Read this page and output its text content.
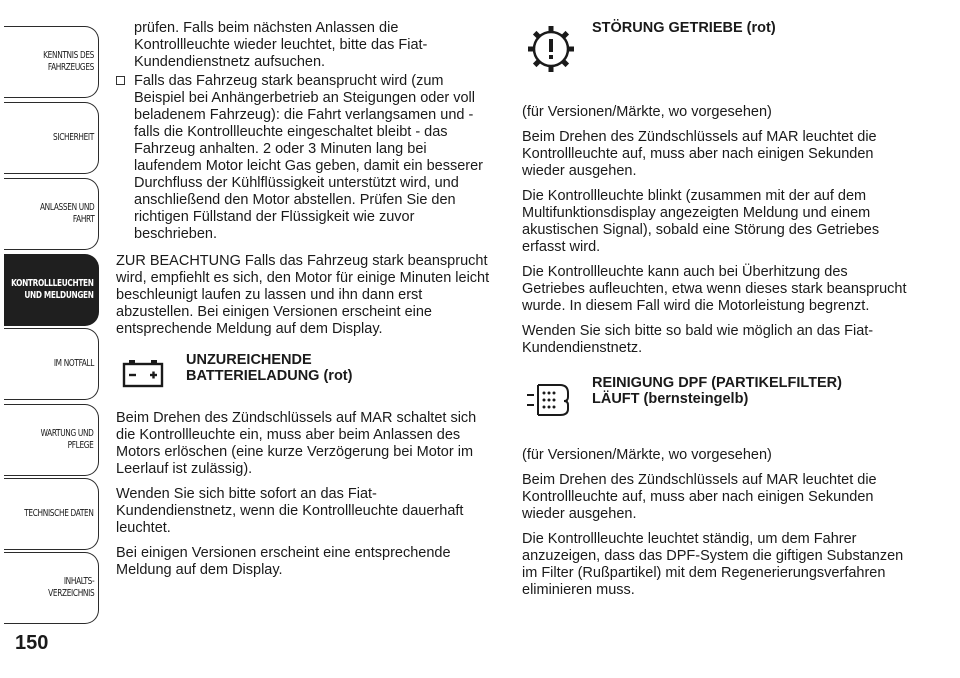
KENNTNIS DES
FAHRZEUGES
SICHERHEIT
ANLASSEN UND
FAHRT
KONTROLLLEUCHTEN
UND MELDUNGEN
IM NOTFALL
WARTUNG UND
PFLEGE
TECHNISCHE DATEN
INHALTS-
VERZEICHNIS
150

prüfen. Falls beim nächsten Anlassen die Kontrollleuchte wieder leuchtet, bitte das Fiat-Kundendienstnetz aufsuchen.

Falls das Fahrzeug stark beansprucht wird (zum Beispiel bei Anhängerbetrieb an Steigungen oder voll beladenem Fahrzeug): die Fahrt verlangsamen und - falls die Kontrollleuchte eingeschaltet bleibt - das Fahrzeug anhalten. 2 oder 3 Minuten lang bei laufendem Motor leicht Gas geben, damit ein besserer Durchfluss der Kühlflüssigkeit unterstützt wird, und anschließend den Motor abstellen. Prüfen Sie den richtigen Füllstand der Flüssigkeit wie zuvor beschrieben.

ZUR BEACHTUNG Falls das Fahrzeug stark beansprucht wird, empfiehlt es sich, den Motor für einige Minuten leicht beschleunigt laufen zu lassen und ihn dann erst abzustellen. Bei einigen Versionen erscheint eine entsprechende Meldung auf dem Display.

UNZUREICHENDE
BATTERIELADUNG (rot)

Beim Drehen des Zündschlüssels auf MAR schaltet sich die Kontrollleuchte ein, muss aber beim Anlassen des Motors erlöschen (eine kurze Verzögerung bei Motor im Leerlauf ist zulässig).

Wenden Sie sich bitte sofort an das Fiat-Kundendienstnetz, wenn die Kontrollleuchte dauerhaft leuchtet.

Bei einigen Versionen erscheint eine entsprechende Meldung auf dem Display.

STÖRUNG GETRIEBE (rot)

(für Versionen/Märkte, wo vorgesehen)

Beim Drehen des Zündschlüssels auf MAR leuchtet die Kontrollleuchte auf, muss aber nach einigen Sekunden wieder ausgehen.

Die Kontrollleuchte blinkt (zusammen mit der auf dem Multifunktionsdisplay angezeigten Meldung und einem akustischen Signal), sobald eine Störung des Getriebes erfasst wird.

Die Kontrollleuchte kann auch bei Überhitzung des Getriebes aufleuchten, etwa wenn dieses stark beansprucht wurde. In diesem Fall wird die Motorleistung begrenzt.

Wenden Sie sich bitte so bald wie möglich an das Fiat-Kundendienstnetz.

REINIGUNG DPF (PARTIKELFILTER)
LÄUFT (bernsteingelb)

(für Versionen/Märkte, wo vorgesehen)

Beim Drehen des Zündschlüssels auf MAR leuchtet die Kontrollleuchte auf, muss aber nach einigen Sekunden wieder ausgehen.

Die Kontrollleuchte leuchtet ständig, um dem Fahrer anzuzeigen, dass das DPF-System die giftigen Substanzen im Filter (Rußpartikel) mit dem Regenerierungsverfahren eliminieren muss.
